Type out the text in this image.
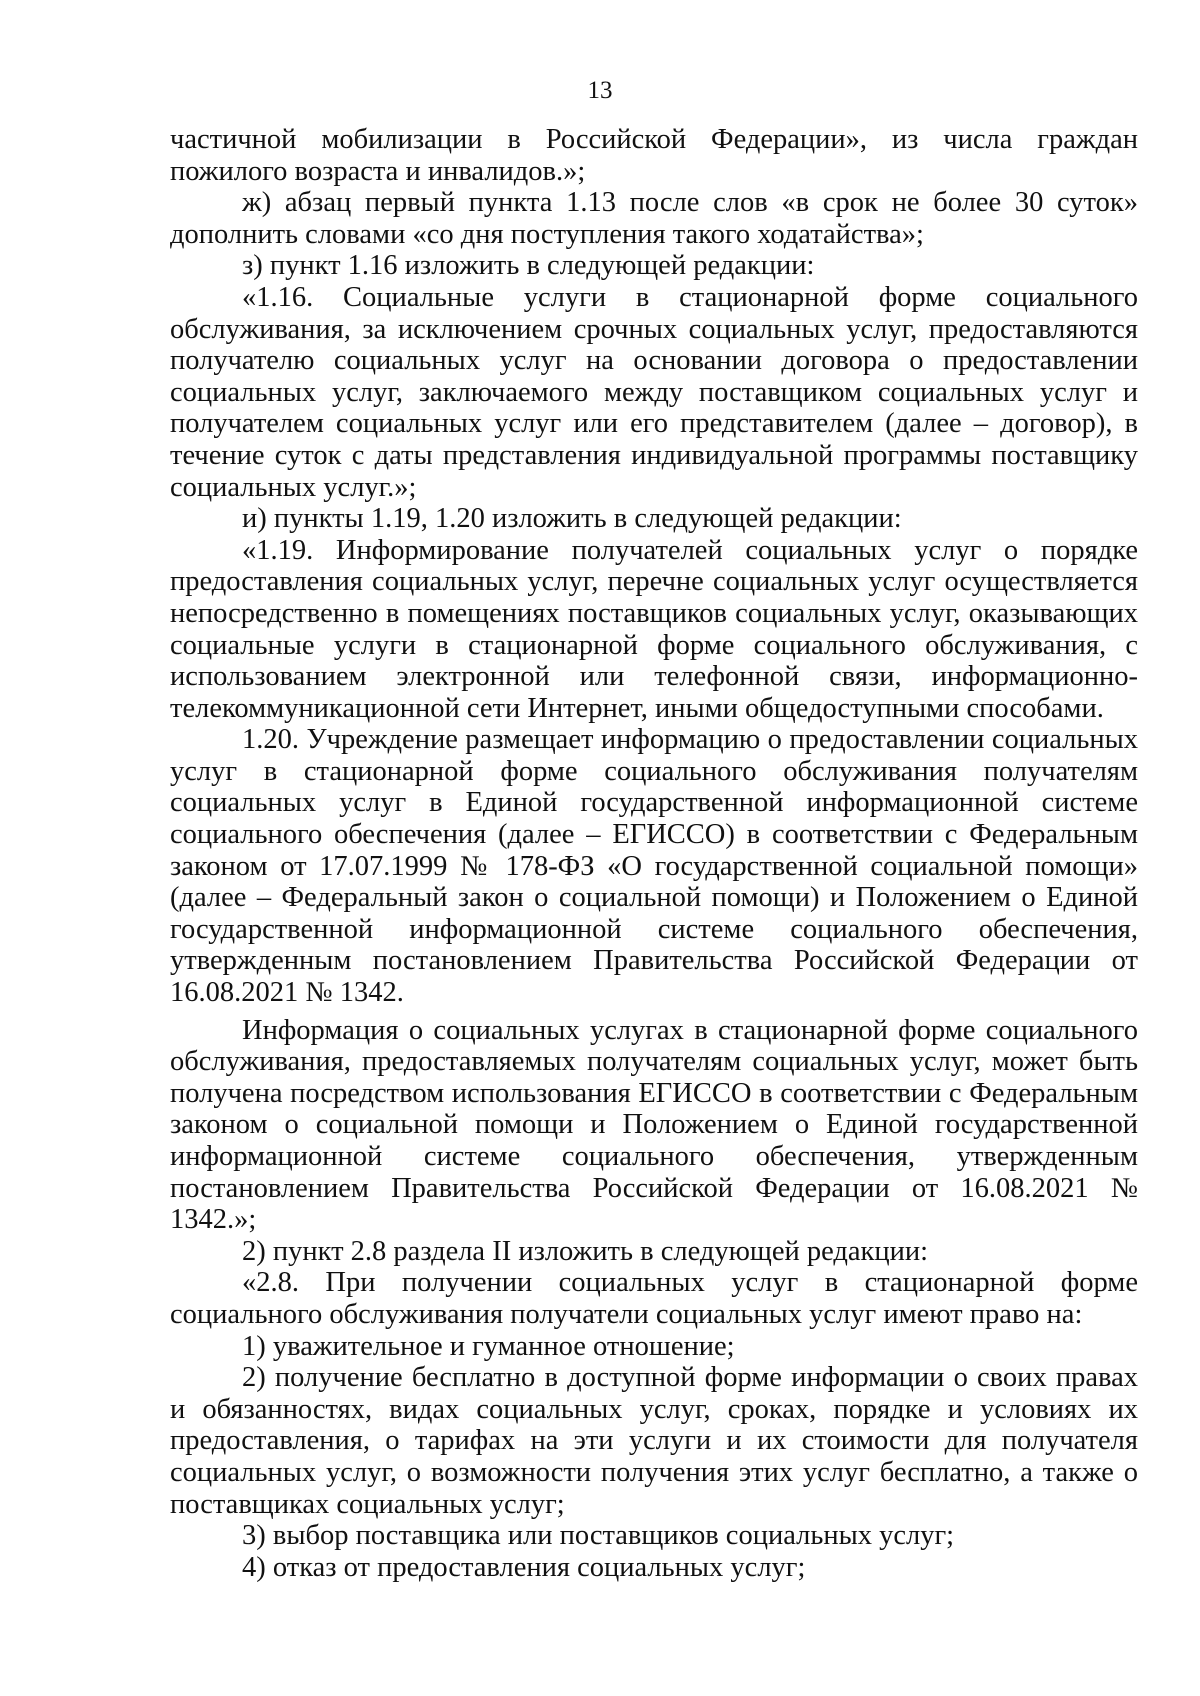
13

частичной мобилизации в Российской Федерации», из числа граждан пожилого возраста и инвалидов.»;

ж) абзац первый пункта 1.13 после слов «в срок не более 30 суток» дополнить словами «со дня поступления такого ходатайства»;

з) пункт 1.16 изложить в следующей редакции:

«1.16. Социальные услуги в стационарной форме социального обслуживания, за исключением срочных социальных услуг, предоставляются получателю социальных услуг на основании договора о предоставлении социальных услуг, заключаемого между поставщиком социальных услуг и получателем социальных услуг или его представителем (далее – договор), в течение суток с даты представления индивидуальной программы поставщику социальных услуг.»;

и) пункты 1.19, 1.20 изложить в следующей редакции:

«1.19. Информирование получателей социальных услуг о порядке предоставления социальных услуг, перечне социальных услуг осуществляется непосредственно в помещениях поставщиков социальных услуг, оказывающих социальные услуги в стационарной форме социального обслуживания, с использованием электронной или телефонной связи, информационно-телекоммуникационной сети Интернет, иными общедоступными способами.

1.20. Учреждение размещает информацию о предоставлении социальных услуг в стационарной форме социального обслуживания получателям социальных услуг в Единой государственной информационной системе социального обеспечения (далее – ЕГИССО) в соответствии с Федеральным законом от 17.07.1999 № 178-ФЗ «О государственной социальной помощи» (далее – Федеральный закон о социальной помощи) и Положением о Единой государственной информационной системе социального обеспечения, утвержденным постановлением Правительства Российской Федерации от 16.08.2021 № 1342.

Информация о социальных услугах в стационарной форме социального обслуживания, предоставляемых получателям социальных услуг, может быть получена посредством использования ЕГИССО в соответствии с Федеральным законом о социальной помощи и Положением о Единой государственной информационной системе социального обеспечения, утвержденным постановлением Правительства Российской Федерации от 16.08.2021 № 1342.»;

2) пункт 2.8 раздела II изложить в следующей редакции:

«2.8. При получении социальных услуг в стационарной форме социального обслуживания получатели социальных услуг имеют право на:

1) уважительное и гуманное отношение;

2) получение бесплатно в доступной форме информации о своих правах и обязанностях, видах социальных услуг, сроках, порядке и условиях их предоставления, о тарифах на эти услуги и их стоимости для получателя социальных услуг, о возможности получения этих услуг бесплатно, а также о поставщиках социальных услуг;

3) выбор поставщика или поставщиков социальных услуг;

4) отказ от предоставления социальных услуг;
